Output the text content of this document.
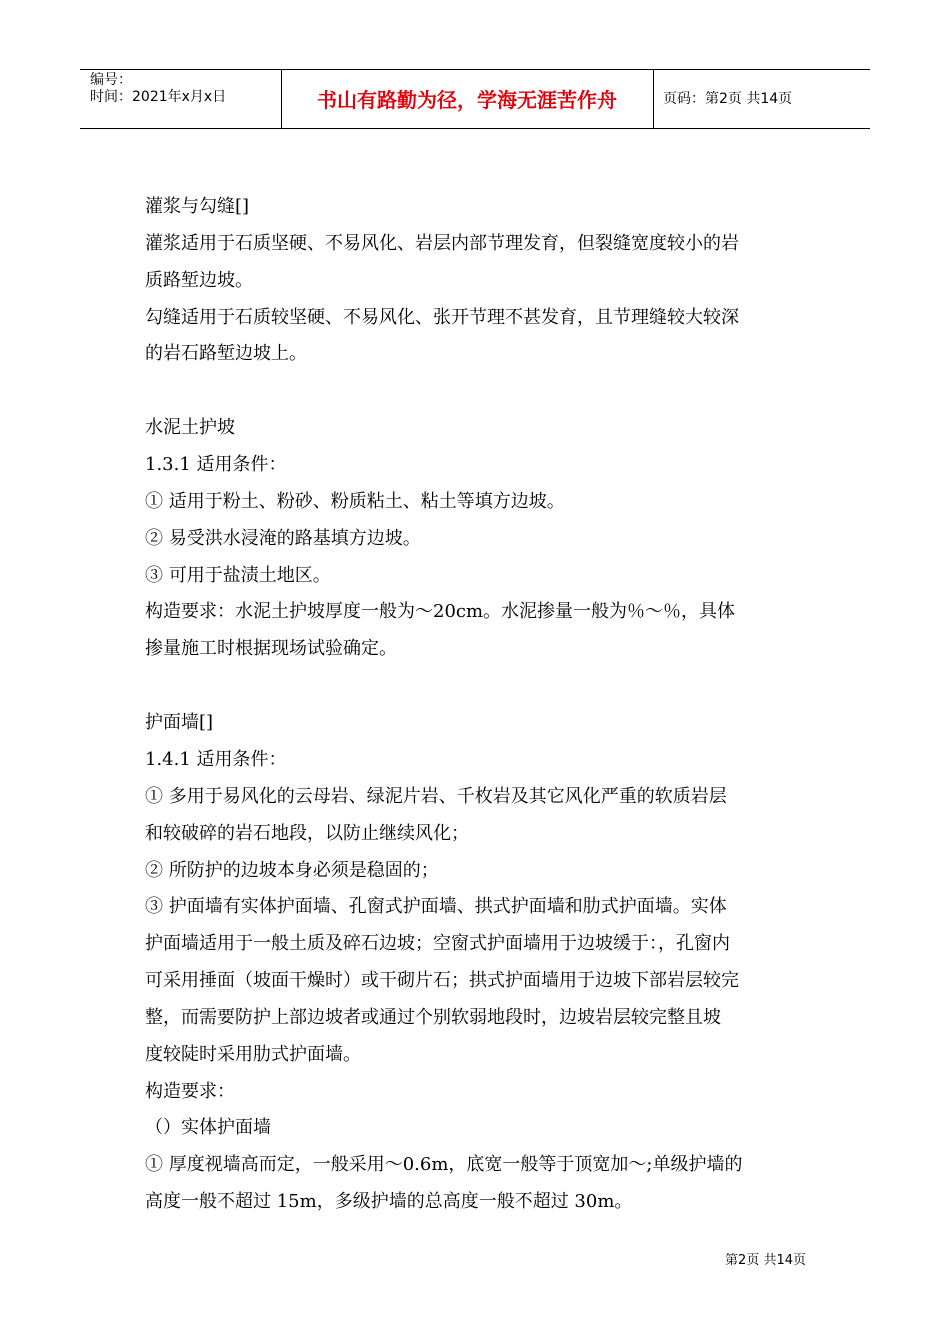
编号：
时间：2021年x月x日	书山有路勤为径，学海无涯苦作舟	页码：第2页 共14页
灌浆与勾缝[]
灌浆适用于石质坚硬、不易风化、岩层内部节理发育，但裂缝宽度较小的岩
质路堑边坡。
勾缝适用于石质较坚硬、不易风化、张开节理不甚发育，且节理缝较大较深
的岩石路堑边坡上。
水泥土护坡
1.3.1 适用条件：
① 适用于粉土、粉砂、粉质粘土、粘土等填方边坡。
② 易受洪水浸淹的路基填方边坡。
③ 可用于盐渍土地区。
构造要求：水泥土护坡厚度一般为～20cm。水泥掺量一般为％～％，具体
掺量施工时根据现场试验确定。
护面墙[]
1.4.1 适用条件：
① 多用于易风化的云母岩、绿泥片岩、千枚岩及其它风化严重的软质岩层
和较破碎的岩石地段，以防止继续风化；
② 所防护的边坡本身必须是稳固的；
③ 护面墙有实体护面墙、孔窗式护面墙、拱式护面墙和肋式护面墙。实体
护面墙适用于一般土质及碎石边坡；空窗式护面墙用于边坡缓于：，孔窗内
可采用捶面（坡面干燥时）或干砌片石；拱式护面墙用于边坡下部岩层较完
整，而需要防护上部边坡者或通过个别软弱地段时，边坡岩层较完整且坡
度较陡时采用肋式护面墙。
构造要求：
（）实体护面墙
① 厚度视墙高而定，一般采用～0.6m，底宽一般等于顶宽加～;单级护墙的
高度一般不超过 15m，多级护墙的总高度一般不超过 30m。
第2页 共14页
